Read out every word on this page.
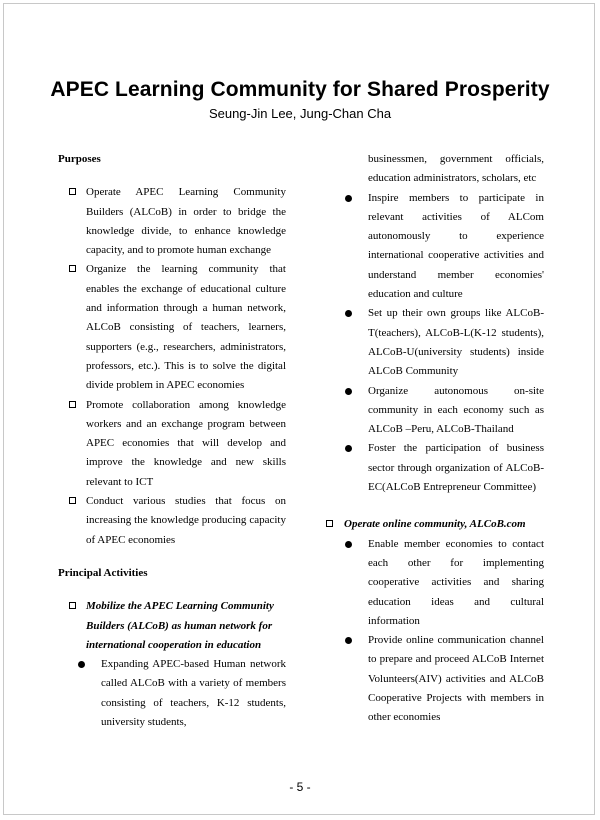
APEC Learning Community for Shared Prosperity

Seung-Jin Lee, Jung-Chan Cha

Purposes

Operate APEC Learning Community Builders (ALCoB) in order to bridge the knowledge divide, to enhance knowledge capacity, and to promote human exchange

Organize the learning community that enables the exchange of educational culture and information through a human network, ALCoB consisting of teachers, learners, supporters (e.g., researchers, administrators, professors, etc.). This is to solve the digital divide problem in APEC economies

Promote collaboration among knowledge workers and an exchange program between APEC economies that will develop and improve the knowledge and new skills relevant to ICT

Conduct various studies that focus on increasing the knowledge producing capacity of APEC economies

Principal Activities

Mobilize the APEC Learning Community Builders (ALCoB) as human network for international cooperation in education

Expanding APEC-based Human network called ALCoB with a variety of members consisting of teachers, K-12 students, university students,

businessmen, government officials, education administrators, scholars, etc

Inspire members to participate in relevant activities of ALCom autonomously to experience international cooperative activities and understand member economies' education and culture

Set up their own groups like ALCoB-T(teachers), ALCoB-L(K-12 students), ALCoB-U(university students) inside ALCoB Community

Organize autonomous on-site community in each economy such as ALCoB –Peru, ALCoB-Thailand

Foster the participation of business sector through organization of ALCoB-EC(ALCoB Entrepreneur Committee)

Operate online community, ALCoB.com

Enable member economies to contact each other for implementing cooperative activities and sharing education ideas and cultural information

Provide online communication channel to prepare and proceed ALCoB Internet Volunteers(AIV) activities and ALCoB Cooperative Projects with members in other economies

- 5 -
